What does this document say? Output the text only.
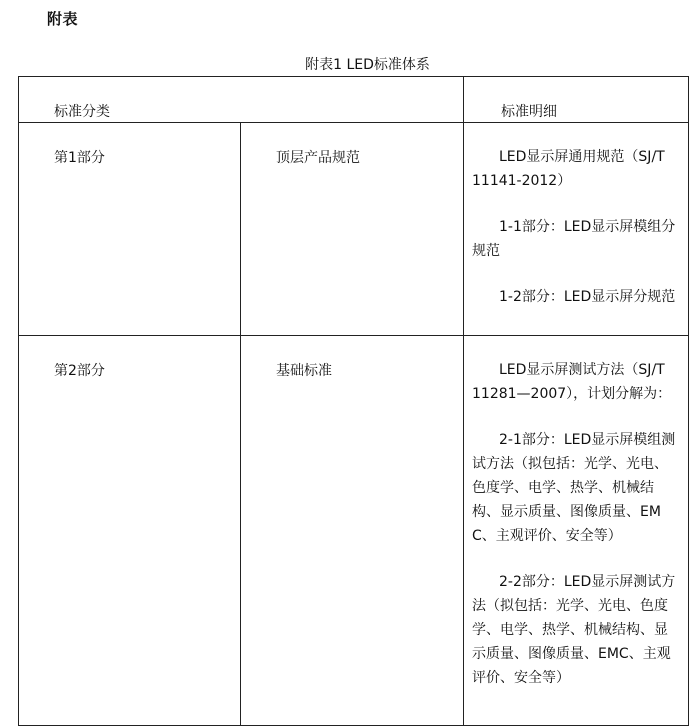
附表
附表1 LED标准体系
标准分类		标准明细

第1部分	顶层产品规范	LED显示屏通用规范（SJ/T 11141-2012）

1-1部分：LED显示屏模组分规范

1-2部分：LED显示屏分规范

第2部分	基础标准	LED显示屏测试方法（SJ/T 11281—2007），计划分解为：

2-1部分：LED显示屏模组测试方法（拟包括：光学、光电、色度学、电学、热学、机械结构、显示质量、图像质量、EMC、主观评价、安全等）

2-2部分：LED显示屏测试方法（拟包括：光学、光电、色度学、电学、热学、机械结构、显示质量、图像质量、EMC、主观评价、安全等）
